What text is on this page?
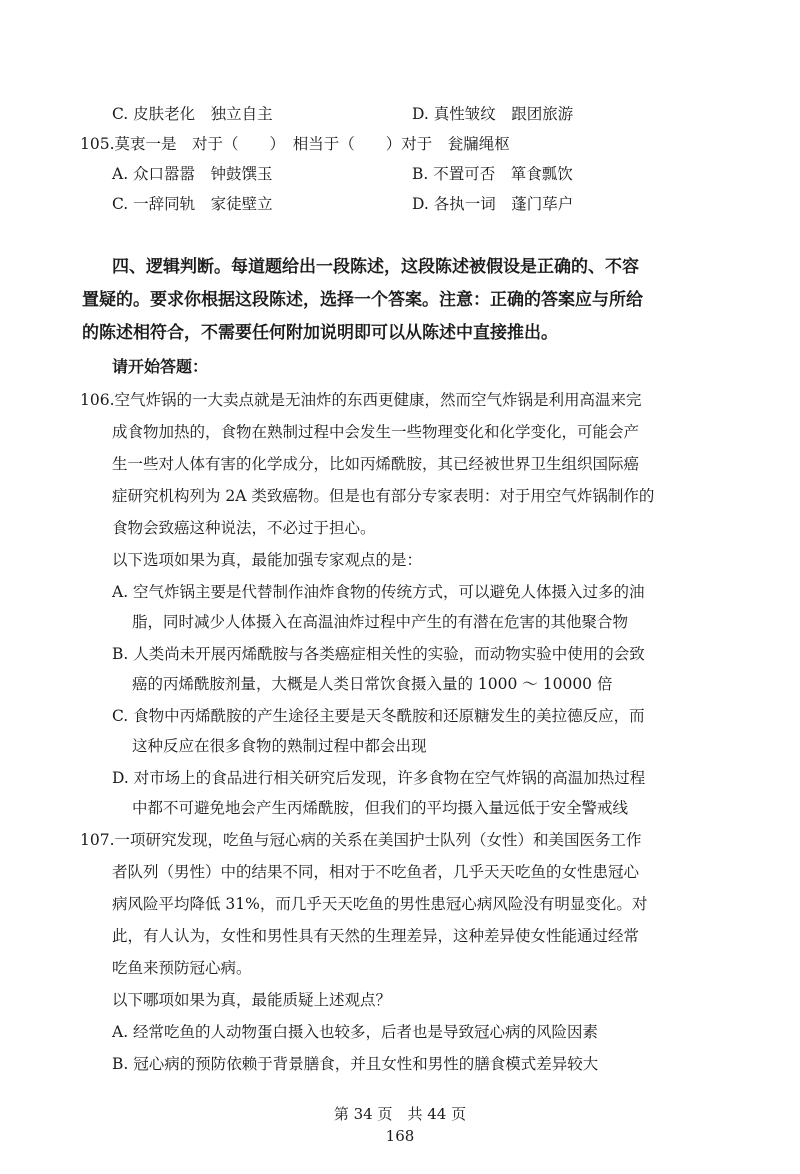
C. 皮肤老化　独立自主	D. 真性皱纹　跟团旅游
105.莫衷一是　对于（　　）　相当于（　　）对于　瓮牖绳枢
A. 众口嚣嚣　钟鼓馔玉	B. 不置可否　箪食瓢饮
C. 一辞同轨　家徒壁立	D. 各执一词　蓬门荜户
四、逻辑判断。每道题给出一段陈述，这段陈述被假设是正确的、不容
置疑的。要求你根据这段陈述，选择一个答案。注意：正确的答案应与所给
的陈述相符合，不需要任何附加说明即可以从陈述中直接推出。
请开始答题：
106.空气炸锅的一大卖点就是无油炸的东西更健康，然而空气炸锅是利用高温来完
成食物加热的，食物在熟制过程中会发生一些物理变化和化学变化，可能会产
生一些对人体有害的化学成分，比如丙烯酰胺，其已经被世界卫生组织国际癌
症研究机构列为 2A 类致癌物。但是也有部分专家表明：对于用空气炸锅制作的
食物会致癌这种说法，不必过于担心。
以下选项如果为真，最能加强专家观点的是：
A. 空气炸锅主要是代替制作油炸食物的传统方式，可以避免人体摄入过多的油
脂，同时减少人体摄入在高温油炸过程中产生的有潜在危害的其他聚合物
B. 人类尚未开展丙烯酰胺与各类癌症相关性的实验，而动物实验中使用的会致
癌的丙烯酰胺剂量，大概是人类日常饮食摄入量的 1000 ～ 10000 倍
C. 食物中丙烯酰胺的产生途径主要是天冬酰胺和还原糖发生的美拉德反应，而
这种反应在很多食物的熟制过程中都会出现
D. 对市场上的食品进行相关研究后发现，许多食物在空气炸锅的高温加热过程
中都不可避免地会产生丙烯酰胺，但我们的平均摄入量远低于安全警戒线
107.一项研究发现，吃鱼与冠心病的关系在美国护士队列（女性）和美国医务工作
者队列（男性）中的结果不同，相对于不吃鱼者，几乎天天吃鱼的女性患冠心
病风险平均降低 31%，而几乎天天吃鱼的男性患冠心病风险没有明显变化。对
此，有人认为，女性和男性具有天然的生理差异，这种差异使女性能通过经常
吃鱼来预防冠心病。
以下哪项如果为真，最能质疑上述观点？
A. 经常吃鱼的人动物蛋白摄入也较多，后者也是导致冠心病的风险因素
B. 冠心病的预防依赖于背景膳食，并且女性和男性的膳食模式差异较大
第 34 页　共 44 页
168
